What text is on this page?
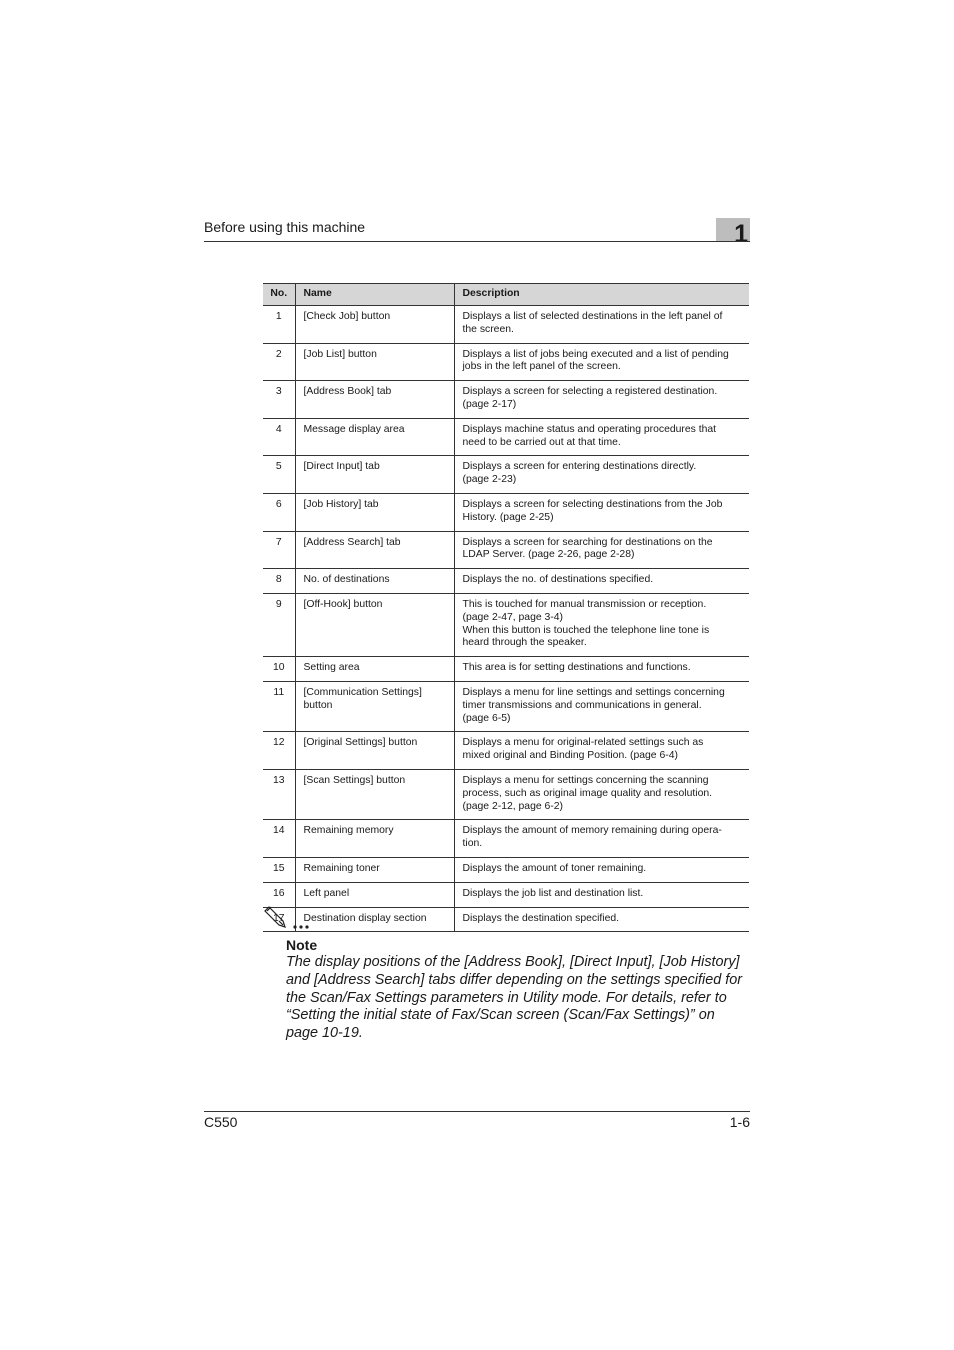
Before using this machine	1
No.	Name	Description
1	[Check Job] button	Displays a list of selected destinations in the left panel of
the screen.

2	[Job List] button	Displays a list of jobs being executed and a list of pending
jobs in the left panel of the screen.

3	[Address Book] tab	Displays a screen for selecting a registered destination.
(page 2-17)

4	Message display area	Displays machine status and operating procedures that
need to be carried out at that time.

5	[Direct Input] tab	Displays a screen for entering destinations directly.
(page 2-23)

6	[Job History] tab	Displays a screen for selecting destinations from the Job
History. (page 2-25)

7	[Address Search] tab	Displays a screen for searching for destinations on the
LDAP Server. (page 2-26, page 2-28)

8	No. of destinations	Displays the no. of destinations specified.

9	[Off-Hook] button	This is touched for manual transmission or reception.
(page 2-47, page 3-4)
When this button is touched the telephone line tone is
heard through the speaker.

10	Setting area	This area is for setting destinations and functions.

11	[Communication Settings]
button	Displays a menu for line settings and settings concerning
timer transmissions and communications in general.
(page 6-5)

12	[Original Settings] button	Displays a menu for original-related settings such as
mixed original and Binding Position. (page 6-4)

13	[Scan Settings] button	Displays a menu for settings concerning the scanning
process, such as original image quality and resolution.
(page 2-12, page 6-2)

14	Remaining memory	Displays the amount of memory remaining during opera-
tion.

15	Remaining toner	Displays the amount of toner remaining.

16	Left panel	Displays the job list and destination list.

17	Destination display section	Displays the destination specified.
Note
The display positions of the [Address Book], [Direct Input], [Job History]
and [Address Search] tabs differ depending on the settings specified for
the Scan/Fax Settings parameters in Utility mode. For details, refer to
“Setting the initial state of Fax/Scan screen (Scan/Fax Settings)” on
page 10-19.
C550	1-6
